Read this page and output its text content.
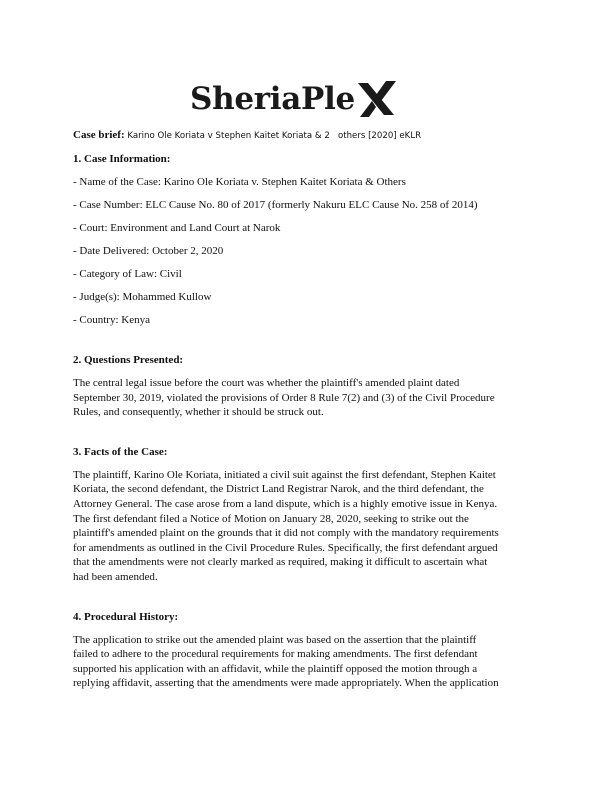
SheriaPle

Case brief: Karino Ole Koriata v Stephen Kaitet Koriata & 2   others [2020] eKLR

1. Case Information:

- Name of the Case: Karino Ole Koriata v. Stephen Kaitet Koriata & Others

- Case Number: ELC Cause No. 80 of 2017 (formerly Nakuru ELC Cause No. 258 of 2014)

- Court: Environment and Land Court at Narok

- Date Delivered: October 2, 2020

- Category of Law: Civil

- Judge(s): Mohammed Kullow

- Country: Kenya

2. Questions Presented:

The central legal issue before the court was whether the plaintiff's amended plaint dated
September 30, 2019, violated the provisions of Order 8 Rule 7(2) and (3) of the Civil Procedure
Rules, and consequently, whether it should be struck out.

3. Facts of the Case:

The plaintiff, Karino Ole Koriata, initiated a civil suit against the first defendant, Stephen Kaitet
Koriata, the second defendant, the District Land Registrar Narok, and the third defendant, the
Attorney General. The case arose from a land dispute, which is a highly emotive issue in Kenya.
The first defendant filed a Notice of Motion on January 28, 2020, seeking to strike out the
plaintiff's amended plaint on the grounds that it did not comply with the mandatory requirements
for amendments as outlined in the Civil Procedure Rules. Specifically, the first defendant argued
that the amendments were not clearly marked as required, making it difficult to ascertain what
had been amended.

4. Procedural History:

The application to strike out the amended plaint was based on the assertion that the plaintiff
failed to adhere to the procedural requirements for making amendments. The first defendant
supported his application with an affidavit, while the plaintiff opposed the motion through a
replying affidavit, asserting that the amendments were made appropriately. When the application
